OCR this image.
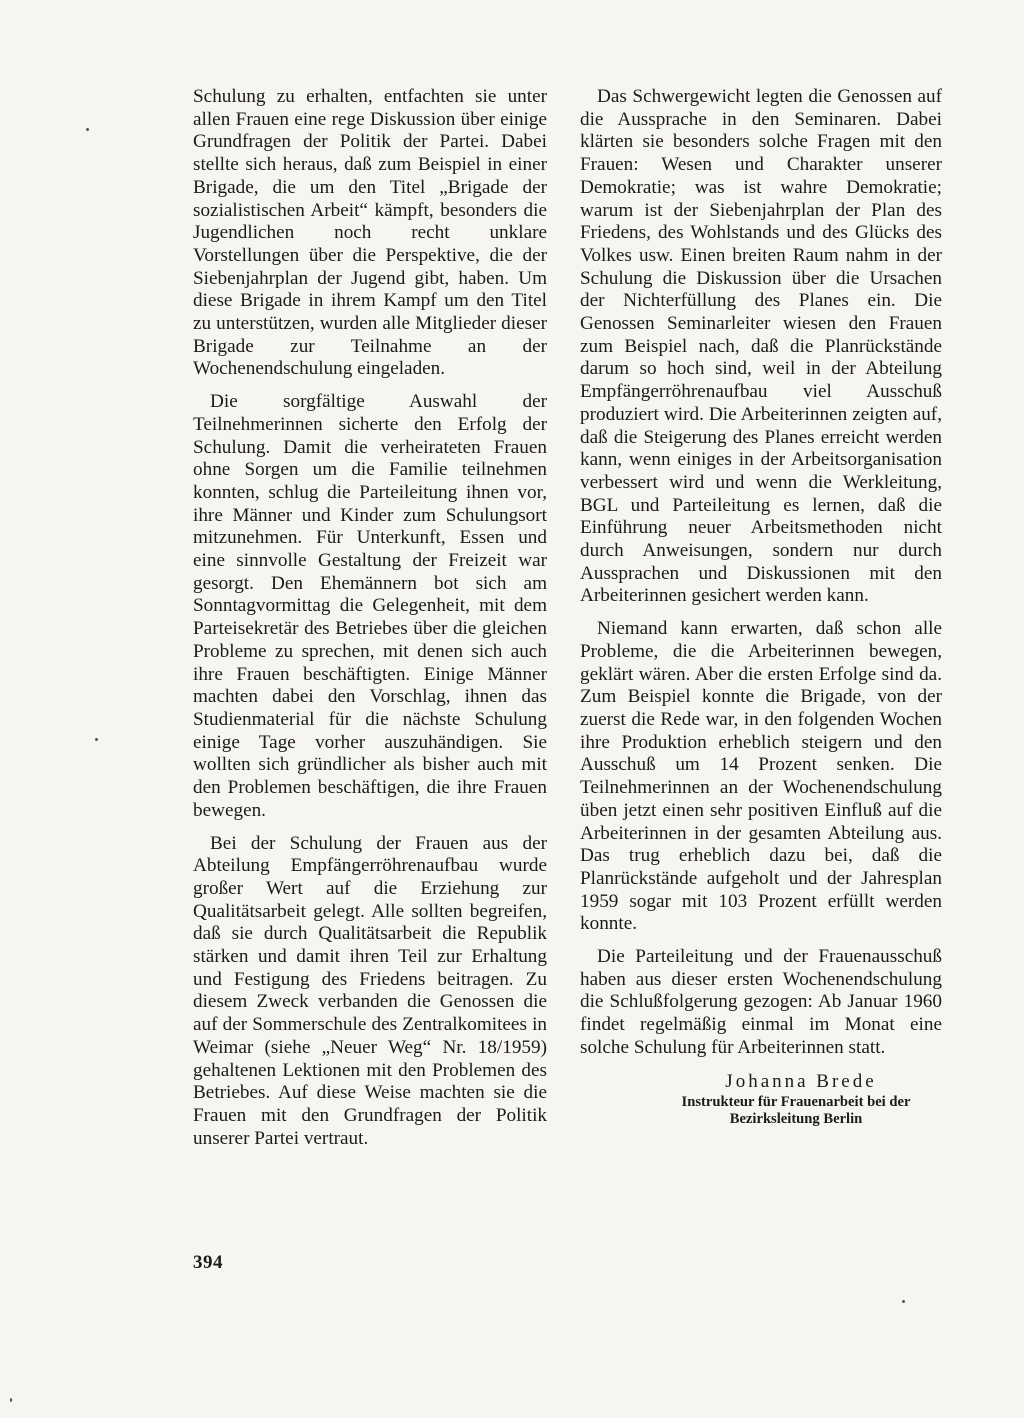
Schulung zu erhalten, entfachten sie unter allen Frauen eine rege Diskussion über einige Grundfragen der Politik der Partei. Dabei stellte sich heraus, daß zum Beispiel in einer Brigade, die um den Titel „Brigade der sozialistischen Arbeit“ kämpft, besonders die Jugendlichen noch recht unklare Vorstellungen über die Perspektive, die der Siebenjahrplan der Jugend gibt, haben. Um diese Brigade in ihrem Kampf um den Titel zu unterstützen, wurden alle Mitglieder dieser Brigade zur Teilnahme an der Wochenendschulung eingeladen.

Die sorgfältige Auswahl der Teilnehmerinnen sicherte den Erfolg der Schulung. Damit die verheirateten Frauen ohne Sorgen um die Familie teilnehmen konnten, schlug die Parteileitung ihnen vor, ihre Männer und Kinder zum Schulungsort mitzunehmen. Für Unterkunft, Essen und eine sinnvolle Gestaltung der Freizeit war gesorgt. Den Ehemännern bot sich am Sonntagvormittag die Gelegenheit, mit dem Parteisekretär des Betriebes über die gleichen Probleme zu sprechen, mit denen sich auch ihre Frauen beschäftigten. Einige Männer machten dabei den Vorschlag, ihnen das Studienmaterial für die nächste Schulung einige Tage vorher auszuhändigen. Sie wollten sich gründlicher als bisher auch mit den Problemen beschäftigen, die ihre Frauen bewegen.

Bei der Schulung der Frauen aus der Abteilung Empfängerröhrenaufbau wurde großer Wert auf die Erziehung zur Qualitätsarbeit gelegt. Alle sollten begreifen, daß sie durch Qualitätsarbeit die Republik stärken und damit ihren Teil zur Erhaltung und Festigung des Friedens beitragen. Zu diesem Zweck verbanden die Genossen die auf der Sommerschule des Zentralkomitees in Weimar (siehe „Neuer Weg“ Nr. 18/1959) gehaltenen Lektionen mit den Problemen des Betriebes. Auf diese Weise machten sie die Frauen mit den Grundfragen der Politik unserer Partei vertraut.

Das Schwergewicht legten die Genossen auf die Aussprache in den Seminaren. Dabei klärten sie besonders solche Fragen mit den Frauen: Wesen und Charakter unserer Demokratie; was ist wahre Demokratie; warum ist der Siebenjahrplan der Plan des Friedens, des Wohlstands und des Glücks des Volkes usw. Einen breiten Raum nahm in der Schulung die Diskussion über die Ursachen der Nichterfüllung des Planes ein. Die Genossen Seminarleiter wiesen den Frauen zum Beispiel nach, daß die Planrückstände darum so hoch sind, weil in der Abteilung Empfängerröhrenaufbau viel Ausschuß produziert wird. Die Arbeiterinnen zeigten auf, daß die Steigerung des Planes erreicht werden kann, wenn einiges in der Arbeitsorganisation verbessert wird und wenn die Werkleitung, BGL und Parteileitung es lernen, daß die Einführung neuer Arbeitsmethoden nicht durch Anweisungen, sondern nur durch Aussprachen und Diskussionen mit den Arbeiterinnen gesichert werden kann.

Niemand kann erwarten, daß schon alle Probleme, die die Arbeiterinnen bewegen, geklärt wären. Aber die ersten Erfolge sind da. Zum Beispiel konnte die Brigade, von der zuerst die Rede war, in den folgenden Wochen ihre Produktion erheblich steigern und den Ausschuß um 14 Prozent senken. Die Teilnehmerinnen an der Wochenendschulung üben jetzt einen sehr positiven Einfluß auf die Arbeiterinnen in der gesamten Abteilung aus. Das trug erheblich dazu bei, daß die Planrückstände aufgeholt und der Jahresplan 1959 sogar mit 103 Prozent erfüllt werden konnte.

Die Parteileitung und der Frauenausschuß haben aus dieser ersten Wochenendschulung die Schlußfolgerung gezogen: Ab Januar 1960 findet regelmäßig einmal im Monat eine solche Schulung für Arbeiterinnen statt.

Johanna Brede
Instrukteur für Frauenarbeit bei der
Bezirksleitung Berlin
394
